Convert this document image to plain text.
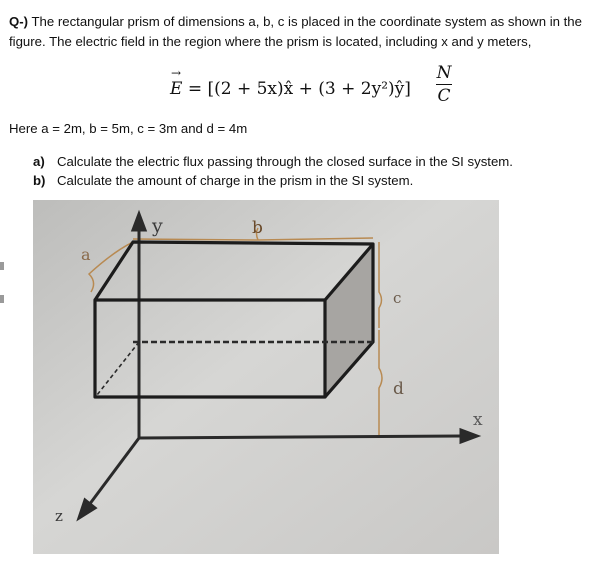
Q-) The rectangular prism of dimensions a, b, c is placed in the coordinate system as shown in the figure. The electric field in the region where the prism is located, including x and y meters,

→
E = [(2 + 5x)x̂ + (3 + 2y²)ŷ]
N
C

Here a = 2m, b = 5m, c = 3m and d = 4m

a) Calculate the electric flux passing through the closed surface in the SI system.
b) Calculate the amount of charge in the prism in the SI system.
y	b
a
c
d
x
z
